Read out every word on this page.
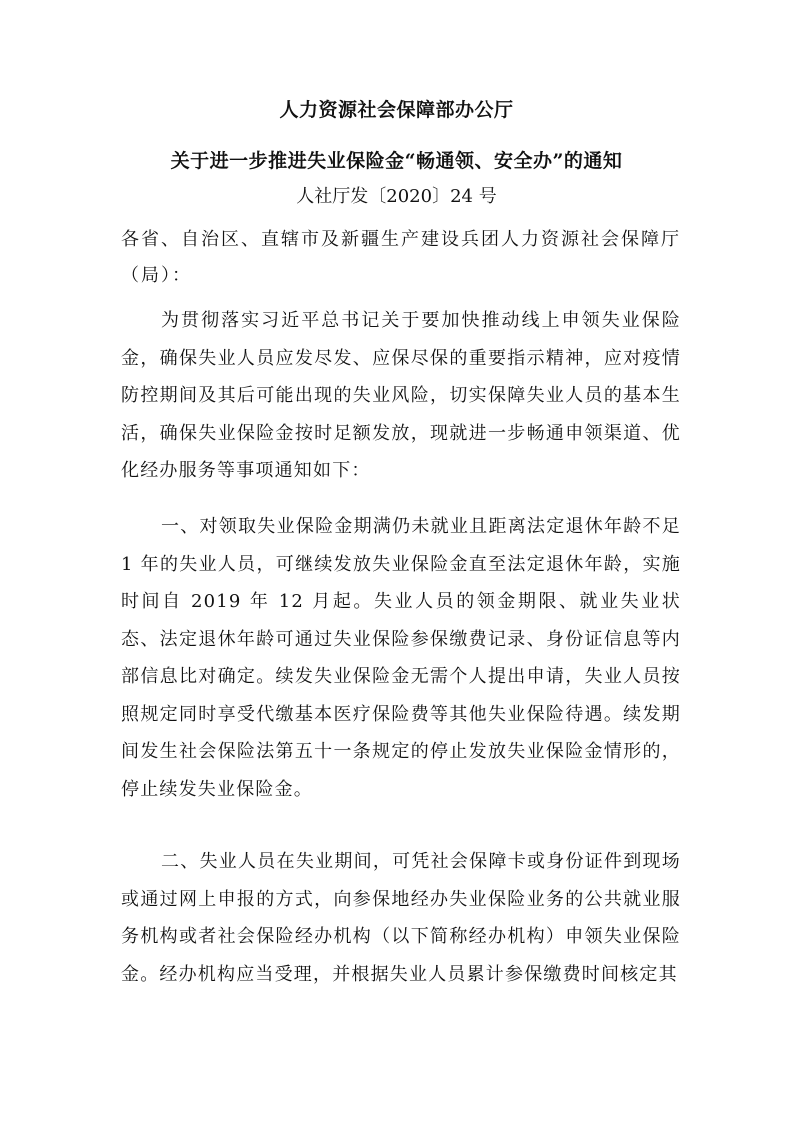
人力资源社会保障部办公厅
关于进一步推进失业保险金“畅通领、安全办”的通知
人社厅发〔2020〕24 号
各省、自治区、直辖市及新疆生产建设兵团人力资源社会保障厅（局）：
为贯彻落实习近平总书记关于要加快推动线上申领失业保险金，确保失业人员应发尽发、应保尽保的重要指示精神，应对疫情防控期间及其后可能出现的失业风险，切实保障失业人员的基本生活，确保失业保险金按时足额发放，现就进一步畅通申领渠道、优化经办服务等事项通知如下：
一、对领取失业保险金期满仍未就业且距离法定退休年龄不足 1 年的失业人员，可继续发放失业保险金直至法定退休年龄，实施时间自 2019 年 12 月起。失业人员的领金期限、就业失业状态、法定退休年龄可通过失业保险参保缴费记录、身份证信息等内部信息比对确定。续发失业保险金无需个人提出申请，失业人员按照规定同时享受代缴基本医疗保险费等其他失业保险待遇。续发期间发生社会保险法第五十一条规定的停止发放失业保险金情形的，停止续发失业保险金。
二、失业人员在失业期间，可凭社会保障卡或身份证件到现场或通过网上申报的方式，向参保地经办失业保险业务的公共就业服务机构或者社会保险经办机构（以下简称经办机构）申领失业保险金。经办机构应当受理，并根据失业人员累计参保缴费时间核定其
